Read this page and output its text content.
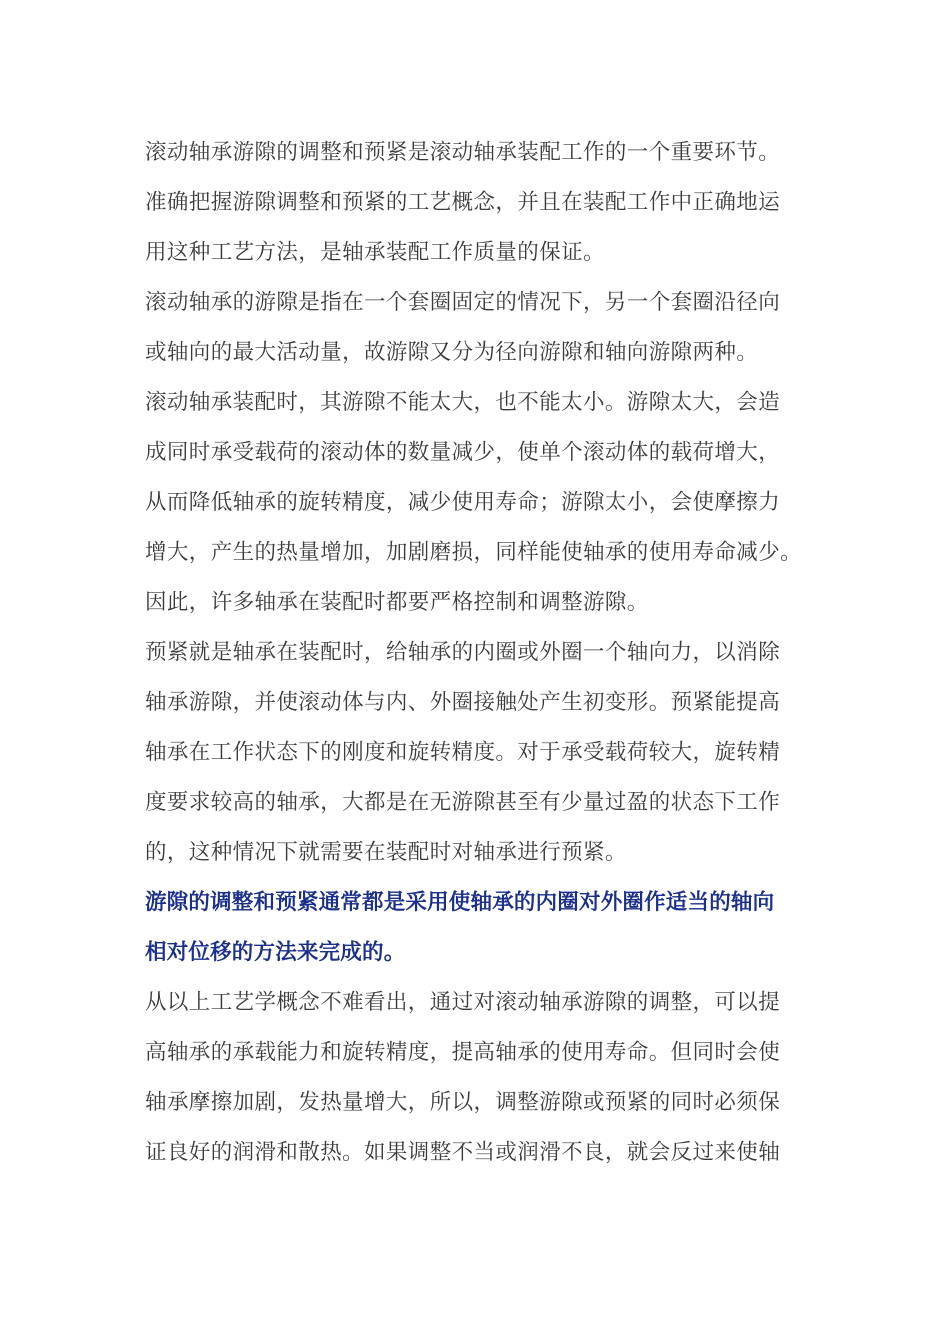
滚动轴承游隙的调整和预紧是滚动轴承装配工作的一个重要环节。
准确把握游隙调整和预紧的工艺概念，并且在装配工作中正确地运
用这种工艺方法，是轴承装配工作质量的保证。
滚动轴承的游隙是指在一个套圈固定的情况下，另一个套圈沿径向
或轴向的最大活动量，故游隙又分为径向游隙和轴向游隙两种。
滚动轴承装配时，其游隙不能太大，也不能太小。游隙太大，会造
成同时承受载荷的滚动体的数量减少，使单个滚动体的载荷增大，
从而降低轴承的旋转精度，减少使用寿命；游隙太小，会使摩擦力
增大，产生的热量增加，加剧磨损，同样能使轴承的使用寿命减少。
因此，许多轴承在装配时都要严格控制和调整游隙。
预紧就是轴承在装配时，给轴承的内圈或外圈一个轴向力，以消除
轴承游隙，并使滚动体与内、外圈接触处产生初变形。预紧能提高
轴承在工作状态下的刚度和旋转精度。对于承受载荷较大，旋转精
度要求较高的轴承，大都是在无游隙甚至有少量过盈的状态下工作
的，这种情况下就需要在装配时对轴承进行预紧。
游隙的调整和预紧通常都是采用使轴承的内圈对外圈作适当的轴向
相对位移的方法来完成的。
从以上工艺学概念不难看出，通过对滚动轴承游隙的调整，可以提
高轴承的承载能力和旋转精度，提高轴承的使用寿命。但同时会使
轴承摩擦加剧，发热量增大，所以，调整游隙或预紧的同时必须保
证良好的润滑和散热。如果调整不当或润滑不良，就会反过来使轴
